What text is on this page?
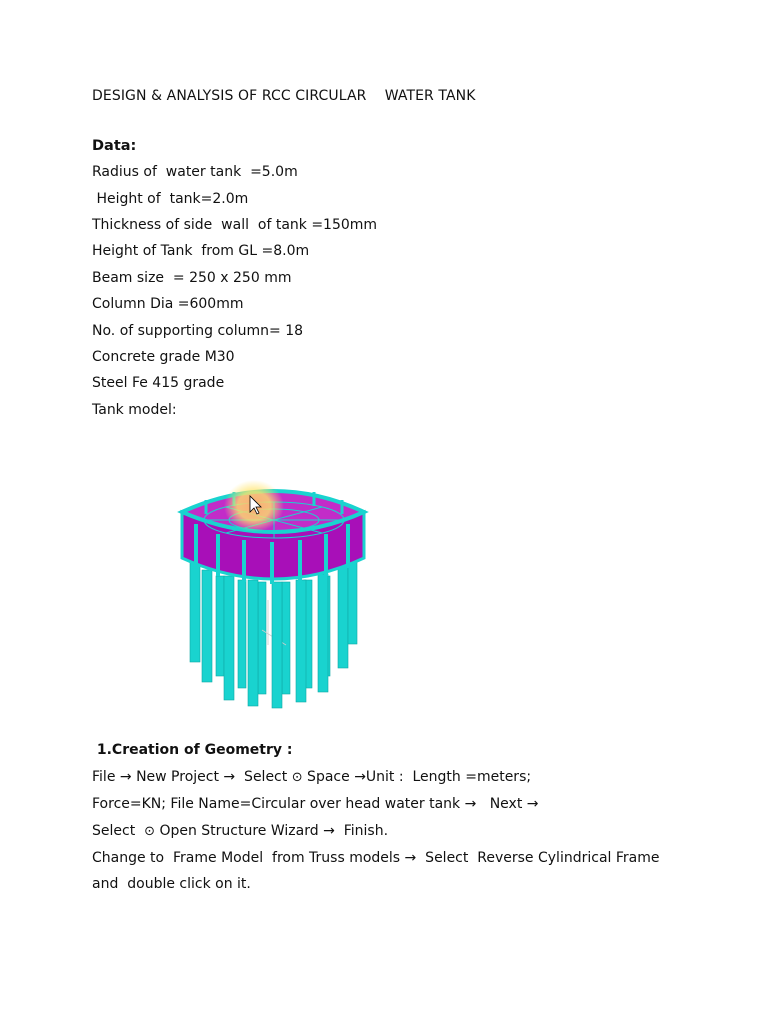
DESIGN & ANALYSIS OF RCC CIRCULAR    WATER TANK
Data:
Radius of  water tank  =5.0m
Height of  tank=2.0m
Thickness of side  wall  of tank =150mm
Height of Tank  from GL =8.0m
Beam size  = 250 x 250 mm
Column Dia =600mm
No. of supporting column= 18
Concrete grade M30
Steel Fe 415 grade
Tank model:
1.Creation of Geometry :
File → New Project →  Select ⊙ Space →Unit :  Length =meters;
Force=KN; File Name=Circular over head water tank →   Next →
Select  ⊙ Open Structure Wizard →  Finish.
Change to  Frame Model  from Truss models →  Select  Reverse Cylindrical Frame
and  double click on it.
